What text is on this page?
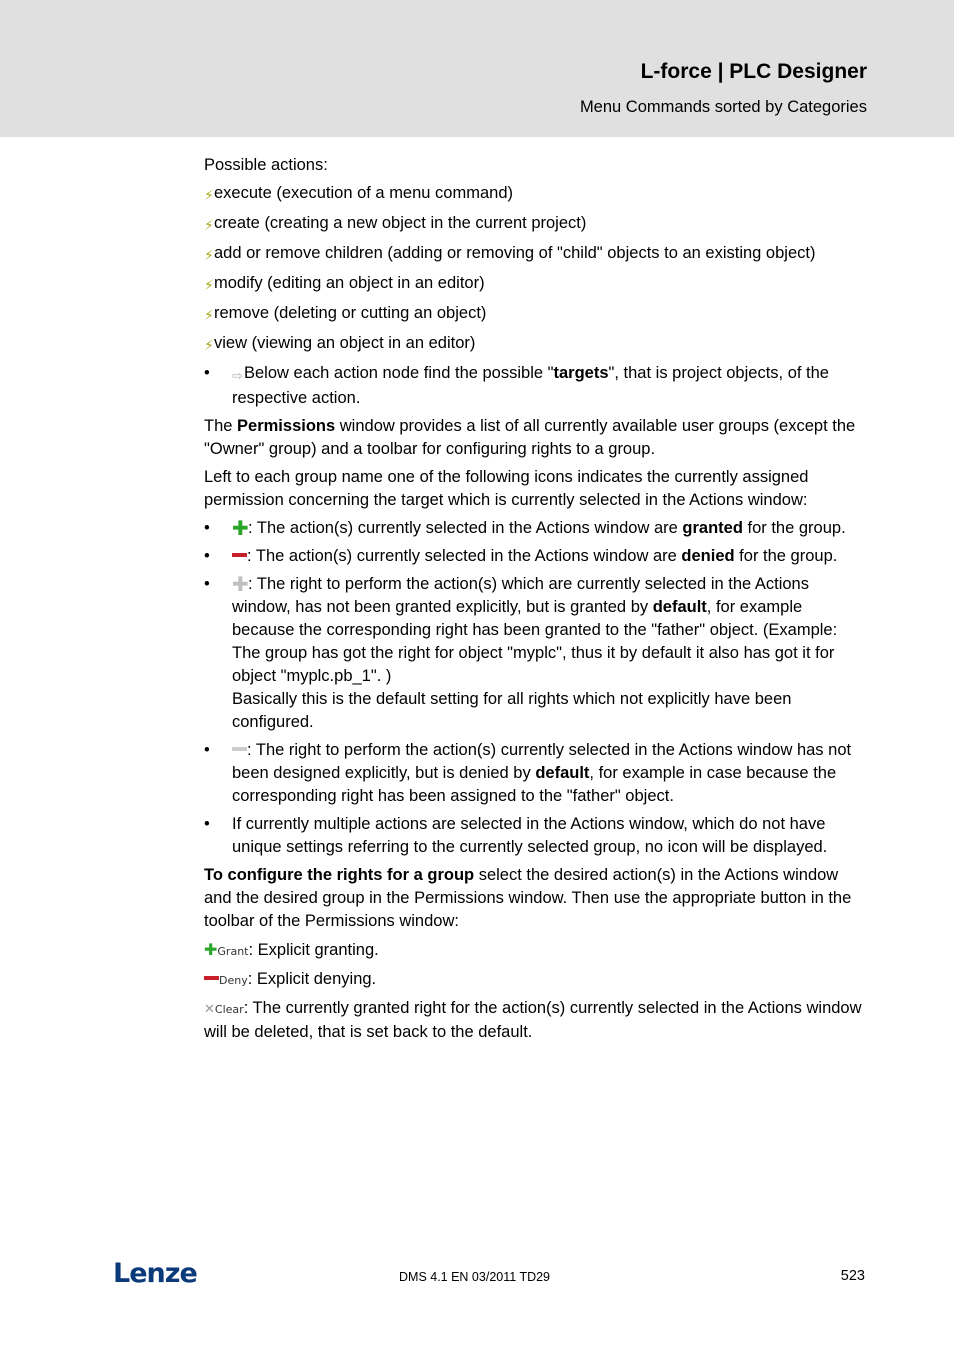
L-force | PLC Designer
Menu Commands sorted by Categories

Possible actions:

⚡execute (execution of a menu command)
⚡create (creating a new object in the current project)
⚡add or remove children (adding or removing of "child" objects to an existing object)
⚡modify (editing an object in an editor)
⚡remove (deleting or cutting an object)
⚡view (viewing an object in an editor)
• ⇨Below each action node find the possible "targets", that is project objects, of the respective action.

The Permissions window provides a list of all currently available user groups (except the "Owner" group) and a toolbar for configuring rights to a group.

Left to each group name one of the following icons indicates the currently assigned permission concerning the target which is currently selected in the Actions window:

• ✚: The action(s) currently selected in the Actions window are granted for the group.
• : The action(s) currently selected in the Actions window are denied for the group.
• ✚: The right to perform the action(s) which are currently selected in the Actions window, has not been granted explicitly, but is granted by default, for example because the corresponding right has been granted to the "father" object. (Example: The group has got the right for object "myplc", thus it by default it also has got it for object "myplc.pb_1". )
Basically this is the default setting for all rights which not explicitly have been configured.
• : The right to perform the action(s) currently selected in the Actions window has not been designed explicitly, but is denied by default, for example in case because the corresponding right has been assigned to the "father" object.
• If currently multiple actions are selected in the Actions window, which do not have unique settings referring to the currently selected group, no icon will be displayed.

To configure the rights for a group select the desired action(s) in the Actions window and the desired group in the Permissions window. Then use the appropriate button in the toolbar of the Permissions window:

✚Grant: Explicit granting.
Deny: Explicit denying.

✕Clear: The currently granted right for the action(s) currently selected in the Actions window will be deleted, that is set back to the default.

Lenze	DMS 4.1 EN 03/2011 TD29	523
